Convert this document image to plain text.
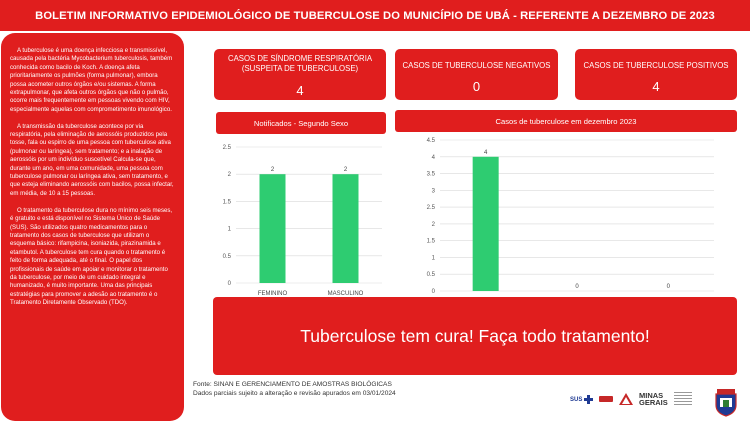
BOLETIM INFORMATIVO EPIDEMIOLÓGICO DE TUBERCULOSE DO MUNICÍPIO DE UBÁ - REFERENTE A DEZEMBRO DE 2023

A tuberculose é uma doença infecciosa e transmissível, causada pela bactéria Mycobacterium tuberculosis, também conhecida como bacilo de Koch. A doença afeta prioritariamente os pulmões (forma pulmonar), embora possa acometer outros órgãos e/ou sistemas. A forma extrapulmonar, que afeta outros órgãos que não o pulmão, ocorre mais frequentemente em pessoas vivendo com HIV, especialmente aquelas com comprometimento imunológico.

A transmissão da tuberculose acontece por via respiratória, pela eliminação de aerossóis produzidos pela tosse, fala ou espirro de uma pessoa com tuberculose ativa (pulmonar ou laríngea), sem tratamento; e a inalação de aerossóis por um indivíduo suscetível Calcula-se que, durante um ano, em uma comunidade, uma pessoa com tuberculose pulmonar ou laríngea ativa, sem tratamento, e que esteja eliminando aerossóis com bacilos, possa infectar, em média, de 10 a 15 pessoas.

O tratamento da tuberculose dura no mínimo seis meses, é gratuito e está disponível no Sistema Único de Saúde (SUS). São utilizados quatro medicamentos para o tratamento dos casos de tuberculose que utilizam o esquema básico: rifampicina, isoniazida, pirazinamida e etambutol. A tuberculose tem cura quando o tratamento é feito de forma adequada, até o final. O papel dos profissionais de saúde em apoiar e monitorar o tratamento da tuberculose, por meio de um cuidado integral e humanizado, é muito importante. Uma das principais estratégias para promover a adesão ao tratamento é o Tratamento Diretamente Observado (TDO).

CASOS DE SÍNDROME RESPIRATÓRIA (SUSPEITA DE TUBERCULOSE)
4
CASOS DE TUBERCULOSE NEGATIVOS
0
CASOS DE TUBERCULOSE POSITIVOS
4
Notificados - Segundo Sexo	Casos de tuberculose em dezembro 2023
0
0.5
1
1.5
2
2.5
2
FEMININO
2
MASCULINO	0
0.5
1
1.5
2
2.5
3
3.5
4
4.5
4
0	0
Tuberculose tem cura! Faça todo tratamento!
Fonte: SINAN E GERENCIAMENTO DE AMOSTRAS BIOLÓGICAS
Dados parciais sujeito a alteração e revisão apurados em 03/01/2024
SUS	MINAS
GERAIS
